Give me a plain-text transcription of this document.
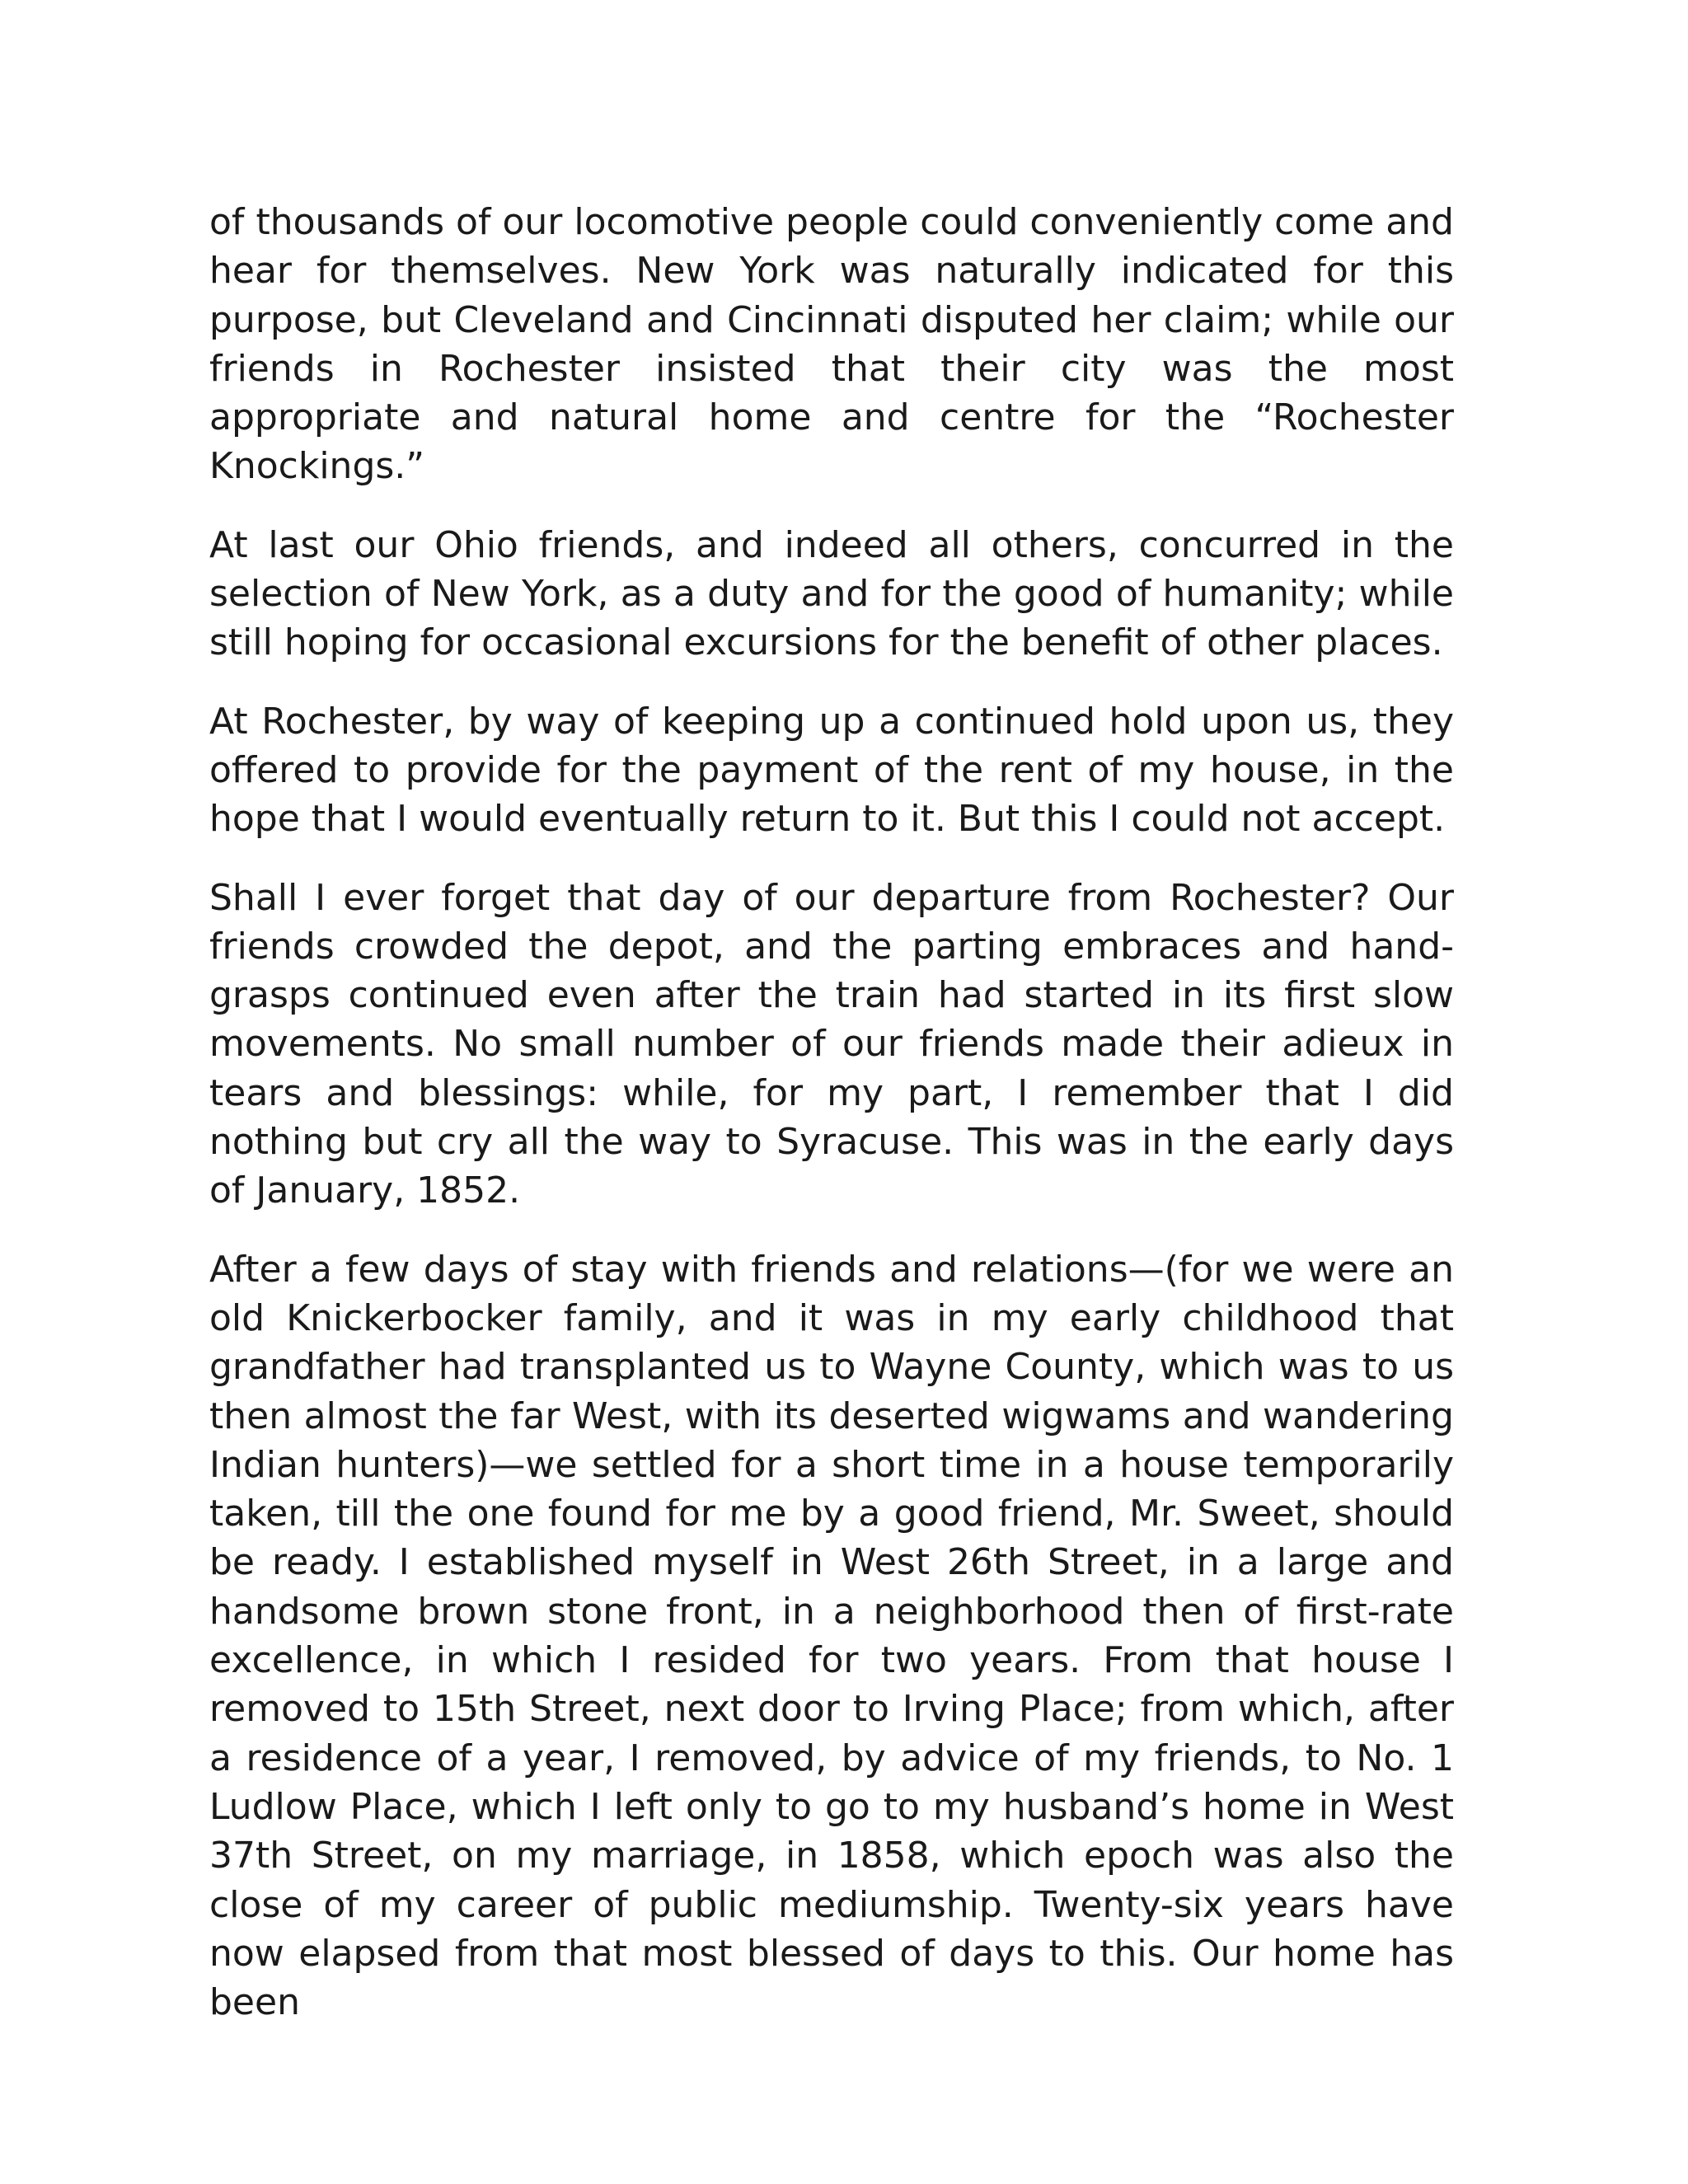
of thousands of our locomotive people could conveniently come and hear for themselves. New York was naturally indicated for this purpose, but Cleveland and Cincinnati disputed her claim; while our friends in Rochester insisted that their city was the most appropriate and natural home and centre for the “Rochester Knockings.”

At last our Ohio friends, and indeed all others, concurred in the selection of New York, as a duty and for the good of humanity; while still hoping for occasional excursions for the benefit of other places.

At Rochester, by way of keeping up a continued hold upon us, they offered to provide for the payment of the rent of my house, in the hope that I would eventually return to it. But this I could not accept.

Shall I ever forget that day of our departure from Rochester? Our friends crowded the depot, and the parting embraces and hand-grasps continued even after the train had started in its first slow movements. No small number of our friends made their adieux in tears and blessings: while, for my part, I remember that I did nothing but cry all the way to Syracuse. This was in the early days of January, 1852.

After a few days of stay with friends and relations—(for we were an old Knickerbocker family, and it was in my early childhood that grandfather had transplanted us to Wayne County, which was to us then almost the far West, with its deserted wigwams and wandering Indian hunters)—we settled for a short time in a house temporarily taken, till the one found for me by a good friend, Mr. Sweet, should be ready. I established myself in West 26th Street, in a large and handsome brown stone front, in a neighborhood then of first-rate excellence, in which I resided for two years. From that house I removed to 15th Street, next door to Irving Place; from which, after a residence of a year, I removed, by advice of my friends, to No. 1 Ludlow Place, which I left only to go to my husband’s home in West 37th Street, on my marriage, in 1858, which epoch was also the close of my career of public mediumship. Twenty-six years have now elapsed from that most blessed of days to this. Our home has been
